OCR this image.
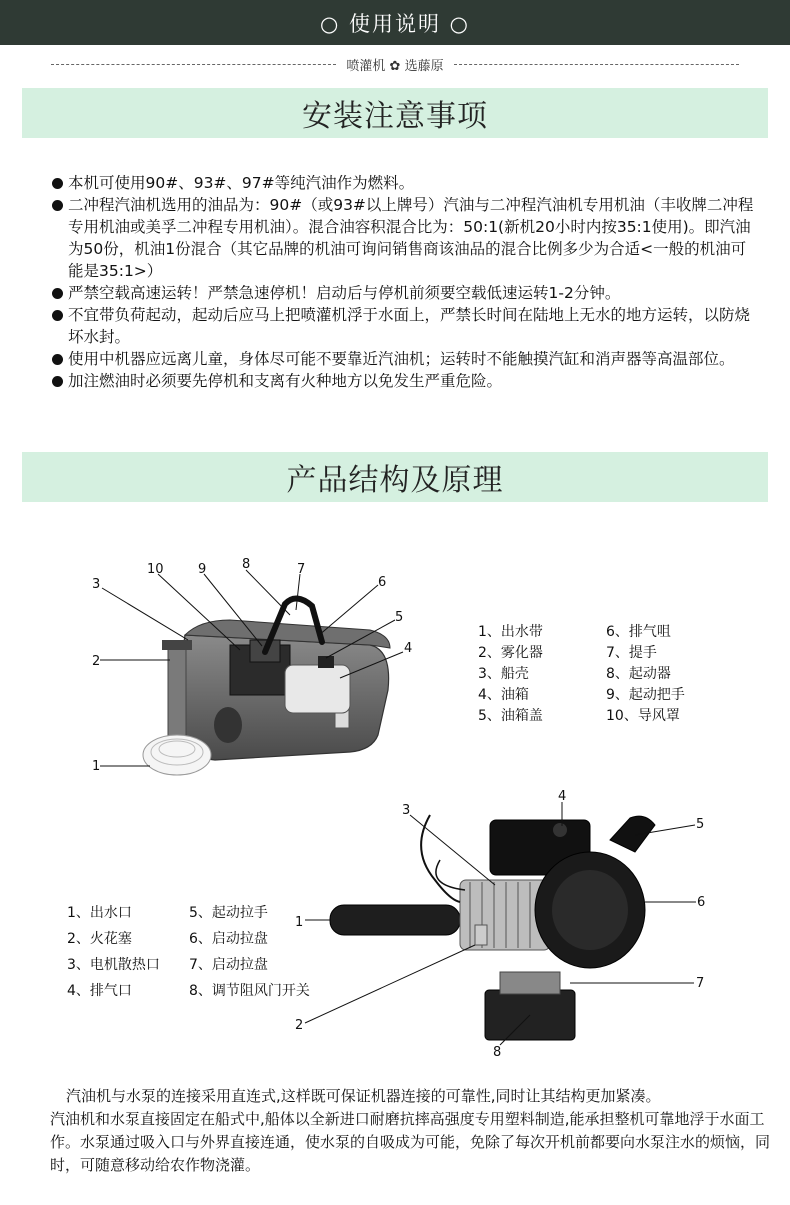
○ 使用说明 ○
喷灌机 ✿ 选藤原
安装注意事项
本机可使用90#、93#、97#等纯汽油作为燃料。
二冲程汽油机选用的油品为：90#（或93#以上牌号）汽油与二冲程汽油机专用机油（丰收牌二冲程专用机油或美孚二冲程专用机油）。混合油容积混合比为：50:1(新机20小时内按35:1使用)。即汽油为50份，机油1份混合（其它品牌的机油可询问销售商该油品的混合比例多少为合适<一般的机油可能是35:1>）
严禁空载高速运转！严禁急速停机！启动后与停机前须要空载低速运转1-2分钟。
不宜带负荷起动，起动后应马上把喷灌机浮于水面上，严禁长时间在陆地上无水的地方运转，以防烧坏水封。
使用中机器应远离儿童，身体尽可能不要靠近汽油机；运转时不能触摸汽缸和消声器等高温部位。
加注燃油时必须要先停机和支离有火种地方以免发生严重危险。
产品结构及原理
3
2
1
10	9	8	7
6
5
4
1、出水带	6、排气咀
2、雾化器	7、提手
3、船壳	8、起动器
4、油箱	9、起动把手
5、油箱盖	10、导风罩
3
4
5
6
1
7
2
8
1、出水口	5、起动拉手
2、火花塞	6、启动拉盘
3、电机散热口	7、启动拉盘
4、排气口	8、调节阻风门开关
汽油机与水泵的连接采用直连式,这样既可保证机器连接的可靠性,同时让其结构更加紧凑。
汽油机和水泵直接固定在船式中,船体以全新进口耐磨抗摔高强度专用塑料制造,能承担整机可靠地浮于水面工作。水泵通过吸入口与外界直接连通，使水泵的自吸成为可能，免除了每次开机前都要向水泵注水的烦恼，同时，可随意移动给农作物浇灌。
